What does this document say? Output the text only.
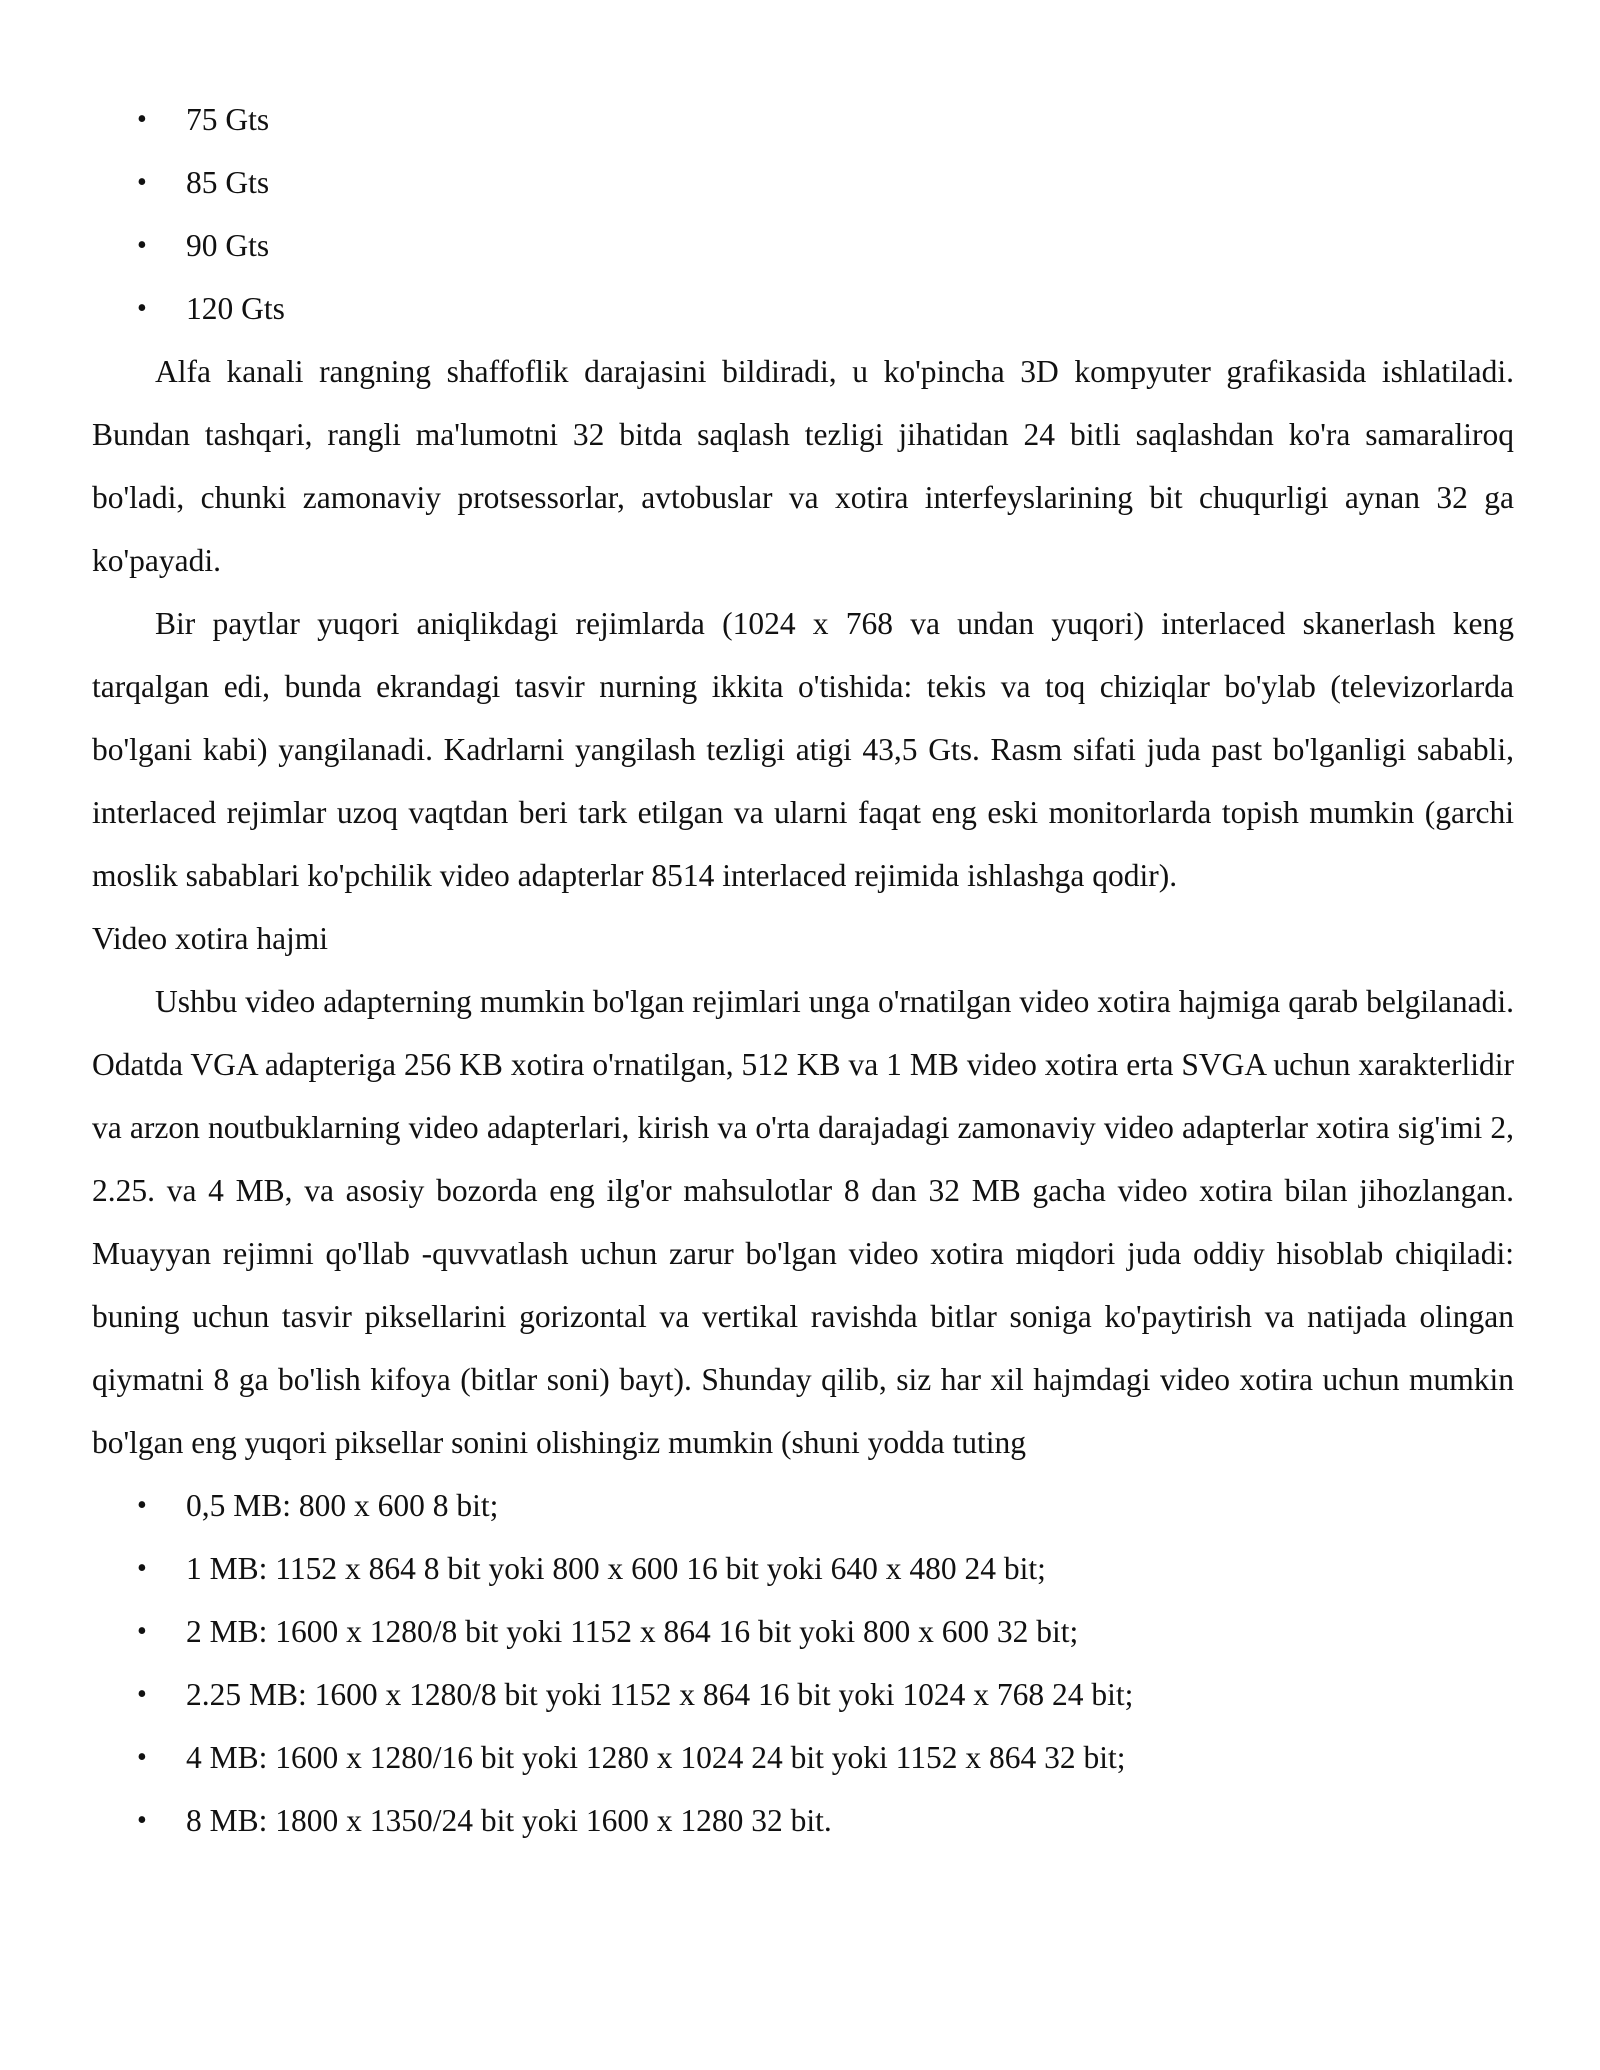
• 75 Gts
• 85 Gts
• 90 Gts
• 120 Gts

Alfa kanali rangning shaffoflik darajasini bildiradi, u ko'pincha 3D kompyuter grafikasida ishlatiladi. Bundan tashqari, rangli ma'lumotni 32 bitda saqlash tezligi jihatidan 24 bitli saqlashdan ko'ra samaraliroq bo'ladi, chunki zamonaviy protsessorlar, avtobuslar va xotira interfeyslarining bit chuqurligi aynan 32 ga ko'payadi.

Bir paytlar yuqori aniqlikdagi rejimlarda (1024 x 768 va undan yuqori) interlaced skanerlash keng tarqalgan edi, bunda ekrandagi tasvir nurning ikkita o'tishida: tekis va toq chiziqlar bo'ylab (televizorlarda bo'lgani kabi) yangilanadi. Kadrlarni yangilash tezligi atigi 43,5 Gts. Rasm sifati juda past bo'lganligi sababli, interlaced rejimlar uzoq vaqtdan beri tark etilgan va ularni faqat eng eski monitorlarda topish mumkin (garchi moslik sabablari ko'pchilik video adapterlar 8514 interlaced rejimida ishlashga qodir).

Video xotira hajmi

Ushbu video adapterning mumkin bo'lgan rejimlari unga o'rnatilgan video xotira hajmiga qarab belgilanadi. Odatda VGA adapteriga 256 KB xotira o'rnatilgan, 512 KB va 1 MB video xotira erta SVGA uchun xarakterlidir va arzon noutbuklarning video adapterlari, kirish va o'rta darajadagi zamonaviy video adapterlar xotira sig'imi 2, 2.25. va 4 MB, va asosiy bozorda eng ilg'or mahsulotlar 8 dan 32 MB gacha video xotira bilan jihozlangan. Muayyan rejimni qo'llab -quvvatlash uchun zarur bo'lgan video xotira miqdori juda oddiy hisoblab chiqiladi: buning uchun tasvir piksellarini gorizontal va vertikal ravishda bitlar soniga ko'paytirish va natijada olingan qiymatni 8 ga bo'lish kifoya (bitlar soni) bayt). Shunday qilib, siz har xil hajmdagi video xotira uchun mumkin bo'lgan eng yuqori piksellar sonini olishingiz mumkin (shuni yodda tuting

• 0,5 MB: 800 x 600 8 bit;
• 1 MB: 1152 x 864 8 bit yoki 800 x 600 16 bit yoki 640 x 480 24 bit;
• 2 MB: 1600 x 1280/8 bit yoki 1152 x 864 16 bit yoki 800 x 600 32 bit;
• 2.25 MB: 1600 x 1280/8 bit yoki 1152 x 864 16 bit yoki 1024 x 768 24 bit;
• 4 MB: 1600 x 1280/16 bit yoki 1280 x 1024 24 bit yoki 1152 x 864 32 bit;
• 8 MB: 1800 x 1350/24 bit yoki 1600 x 1280 32 bit.
